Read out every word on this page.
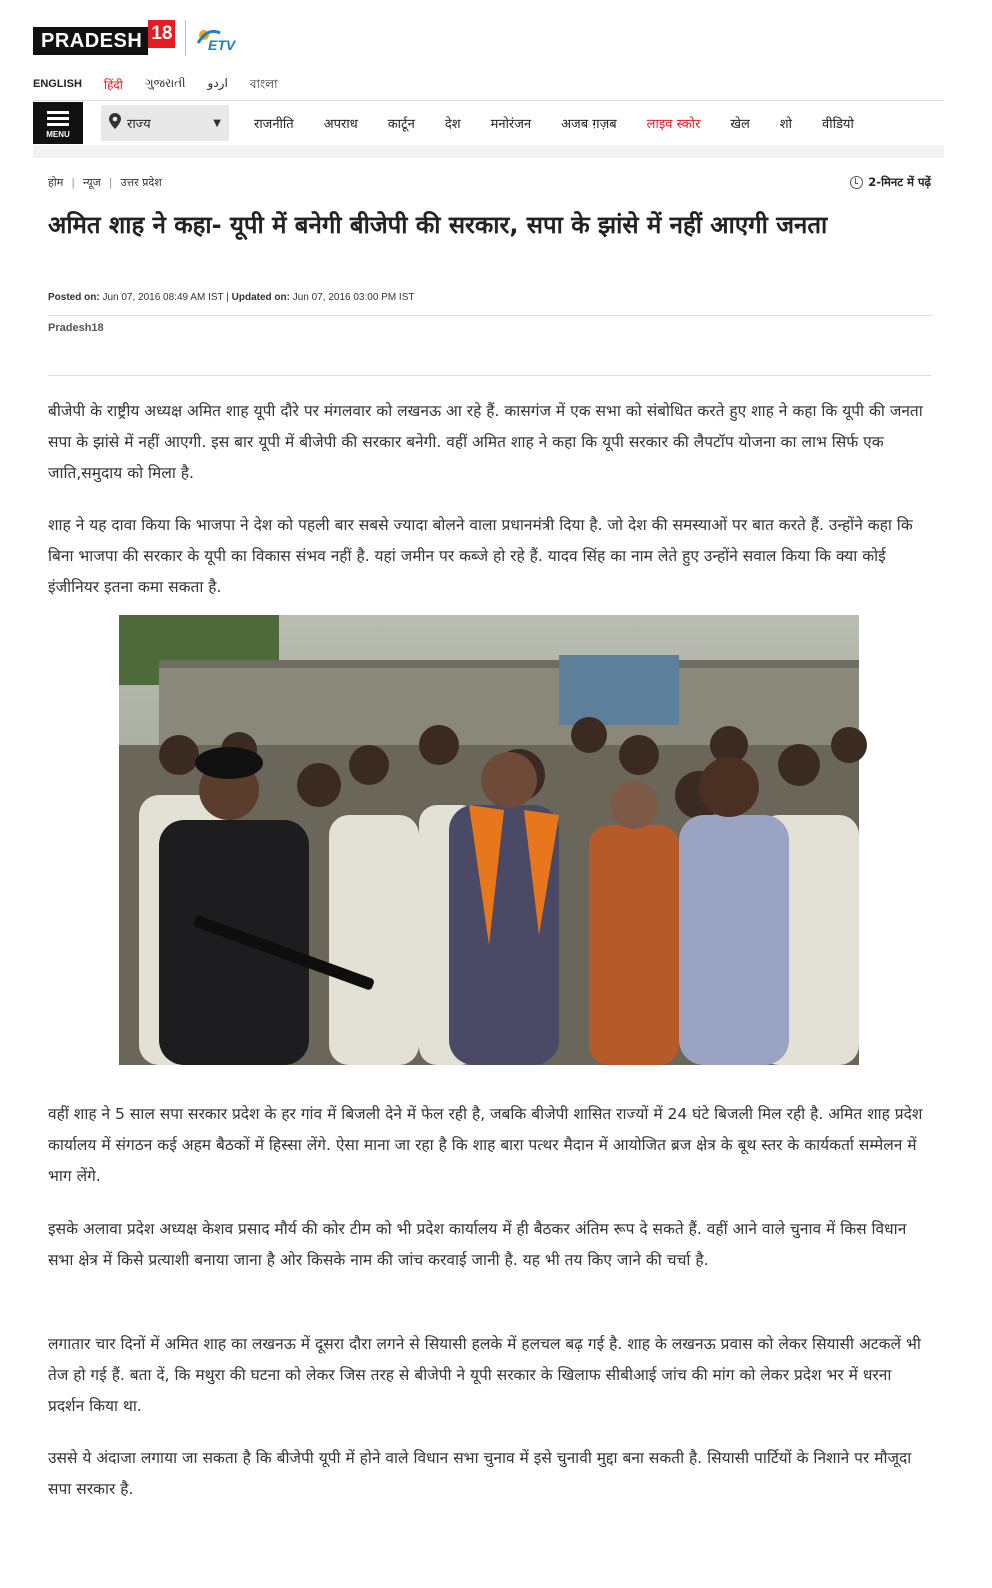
PRADESH 18
ETV
ENGLISH हिंदी ગુજરાતી اردو বাংলা
MENU
राज्य	▼	राजनीति	अपराध	कार्टून	देश	मनोरंजन	अजब ग़ज़ब	लाइव स्कोर	खेल	शो	वीडियो
होम | न्यूज | उत्तर प्रदेश	2-मिनट में पढ़ें
अमित शाह ने कहा- यूपी में बनेगी बीजेपी की सरकार, सपा के झांसे में नहीं आएगी जनता
Posted on: Jun 07, 2016 08:49 AM IST | Updated on: Jun 07, 2016 03:00 PM IST
Pradesh18

बीजेपी के राष्ट्रीय अध्यक्ष अमित शाह यूपी दौरे पर मंगलवार को लखनऊ आ रहे हैं. कासगंज में एक सभा को संबोधित करते हुए शाह ने कहा कि यूपी की जनता सपा के झांसे में नहीं आएगी. इस बार यूपी में बीजेपी की सरकार बनेगी. वहीं अमित शाह ने कहा कि यूपी सरकार की लैपटॉप योजना का लाभ सिर्फ एक जाति,समुदाय को मिला है.

शाह ने यह दावा किया कि भाजपा ने देश को पहली बार सबसे ज्यादा बोलने वाला प्रधानमंत्री दिया है. जो देश की समस्याओं पर बात करते हैं. उन्होंने कहा कि बिना भाजपा की सरकार के यूपी का विकास संभव नहीं है. यहां जमीन पर कब्जे हो रहे हैं. यादव सिंह का नाम लेते हुए उन्होंने सवाल किया कि क्या कोई इंजीनियर इतना कमा सकता है.

वहीं शाह ने 5 साल सपा सरकार प्रदेश के हर गांव में बिजली देने में फेल रही है, जबकि बीजेपी शासित राज्यों में 24 घंटे बिजली मिल रही है. अमित शाह प्रदेश कार्यालय में संगठन कई अहम बैठकों में हिस्सा लेंगे. ऐसा माना जा रहा है कि शाह बारा पत्थर मैदान में आयोजित ब्रज क्षेत्र के बूथ स्तर के कार्यकर्ता सम्मेलन में भाग लेंगे.

इसके अलावा प्रदेश अध्यक्ष केशव प्रसाद मौर्य की कोर टीम को भी प्रदेश कार्यालय में ही बैठकर अंतिम रूप दे सकते हैं. वहीं आने वाले चुनाव में किस विधान सभा क्षेत्र में किसे प्रत्याशी बनाया जाना है ओर किसके नाम की जांच करवाई जानी है. यह भी तय किए जाने की चर्चा है.

लगातार चार दिनों में अमित शाह का लखनऊ में दूसरा दौरा लगने से सियासी हलके में हलचल बढ़ गई है. शाह के लखनऊ प्रवास को लेकर सियासी अटकलें भी तेज हो गई हैं. बता दें, कि मथुरा की घटना को लेकर जिस तरह से बीजेपी ने यूपी सरकार के खिलाफ सीबीआई जांच की मांग को लेकर प्रदेश भर में धरना प्रदर्शन किया था.

उससे ये अंदाजा लगाया जा सकता है कि बीजेपी यूपी में होने वाले विधान सभा चुनाव में इसे चुनावी मुद्दा बना सकती है. सियासी पार्टियों के निशाने पर मौजूदा सपा सरकार है.
